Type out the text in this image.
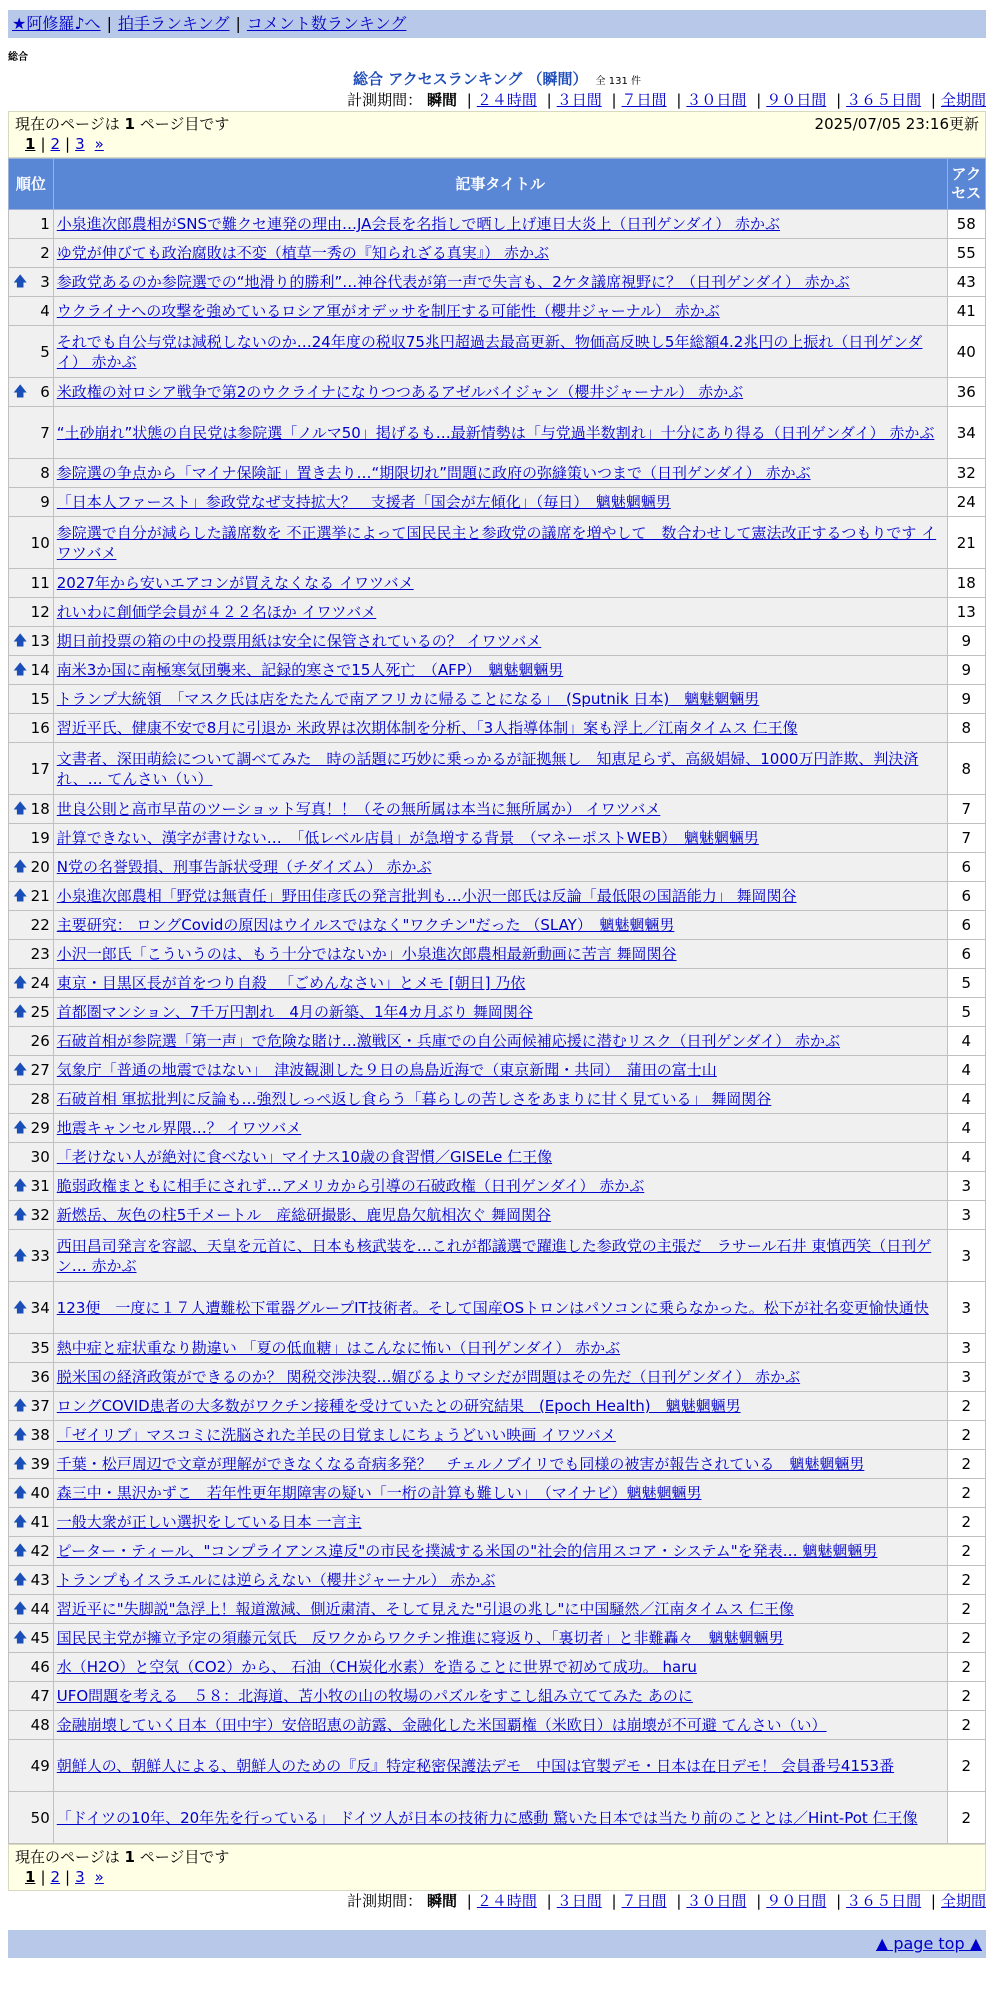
★阿修羅♪へ | 拍手ランキング | コメント数ランキング
総合
総合 アクセスランキング （瞬間） 全 131 件
計測期間： 瞬間 | ２４時間 | ３日間 | ７日間 | ３０日間 | ９０日間 | ３６５日間 | 全期間
現在のページは 1 ページ目です	2025/07/05 23:16更新
1 | 2 | 3 »
順位	記事タイトル	アクセス
1	小泉進次郎農相がSNSで難クセ連発の理由…JA会長を名指しで晒し上げ連日大炎上（日刊ゲンダイ） 赤かぶ	58
2	ゆ党が伸びても政治腐敗は不変（植草一秀の『知られざる真実』） 赤かぶ	55

🡅 3	参政党あるのか参院選での“地滑り的勝利”…神谷代表が第一声で失言も、2ケタ議席視野に？（日刊ゲンダイ） 赤かぶ	43
4	ウクライナへの攻撃を強めているロシア軍がオデッサを制圧する可能性（櫻井ジャーナル） 赤かぶ	41
5	それでも自公与党は減税しないのか…24年度の税収75兆円超過去最高更新、物価高反映し5年総額4.2兆円の上振れ（日刊ゲンダイ） 赤かぶ	40

🡅 6	米政権の対ロシア戦争で第2のウクライナになりつつあるアゼルバイジャン（櫻井ジャーナル） 赤かぶ	36
7	“土砂崩れ”状態の自民党は参院選「ノルマ50」掲げるも…最新情勢は「与党過半数割れ」十分にあり得る（日刊ゲンダイ） 赤かぶ	34
8	参院選の争点から「マイナ保険証」置き去り…“期限切れ”問題に政府の弥縫策いつまで（日刊ゲンダイ） 赤かぶ	32
9	「日本人ファースト」参政党なぜ支持拡大？　支援者「国会が左傾化」（毎日）　魑魅魍魎男	24
10	参院選で自分が減らした議席数を 不正選挙によって国民民主と参政党の議席を増やして　数合わせして憲法改正するつもりです イワツバメ	21
11	2027年から安いエアコンが買えなくなる イワツバメ	18
12	れいわに創価学会員が４２２名ほか イワツバメ	13

🡅 13	期日前投票の箱の中の投票用紙は安全に保管されているの？ イワツバメ	9

🡅 14	南米3か国に南極寒気団襲来、記録的寒さで15人死亡　（AFP）　魑魅魍魎男	9
15	トランプ大統領　「マスク氏は店をたたんで南アフリカに帰ることになる」　(Sputnik 日本)　魑魅魍魎男	9
16	習近平氏、健康不安で8月に引退か 米政界は次期体制を分析、「3人指導体制」案も浮上／江南タイムス 仁王像	8
17	文書者、深田萌絵について調べてみた　時の話題に巧妙に乗っかるが証拠無し　知恵足らず、高級娼婦、1000万円詐欺、判決済れ、… てんさい（い）	8

🡅 18	世良公則と高市早苗のツーショット写真！！（その無所属は本当に無所属か） イワツバメ	7
19	計算できない、漢字が書けない…　「低レベル店員」が急増する背景　（マネーポストWEB）　魑魅魍魎男	7

🡅 20	N党の名誉毀損、刑事告訴状受理（チダイズム） 赤かぶ	6

🡅 21	小泉進次郎農相「野党は無責任」野田佳彦氏の発言批判も…小沢一郎氏は反論「最低限の国語能力」 舞岡関谷	6
22	主要研究： ロングCovidの原因はウイルスではなく"ワクチン"だった （SLAY）　魑魅魍魎男	6
23	小沢一郎氏「こういうのは、もう十分ではないか」小泉進次郎農相最新動画に苦言 舞岡関谷	6

🡅 24	東京・目黒区長が首をつり自殺 　「ごめんなさい」とメモ [朝日] 乃依	5

🡅 25	首都圏マンション、7千万円割れ　4月の新築、1年4カ月ぶり 舞岡関谷	5
26	石破首相が参院選「第一声」で危険な賭け…激戦区・兵庫での自公両候補応援に潜むリスク（日刊ゲンダイ） 赤かぶ	4

🡅 27	気象庁「普通の地震ではない」　津波観測した９日の鳥島近海で（東京新聞・共同）　蒲田の富士山	4
28	石破首相 軍拡批判に反論も…強烈しっぺ返し食らう「暮らしの苦しさをあまりに甘く見ている」 舞岡関谷	4

🡅 29	地震キャンセル界隈…？ イワツバメ	4
30	「老けない人が絶対に食べない」マイナス10歳の食習慣／GISELe 仁王像	4

🡅 31	脆弱政権まともに相手にされず…アメリカから引導の石破政権（日刊ゲンダイ） 赤かぶ	3

🡅 32	新燃岳、灰色の柱5千メートル　産総研撮影、鹿児島欠航相次ぐ 舞岡関谷	3

🡅 33	西田昌司発言を容認、天皇を元首に、日本も核武装を…これが都議選で躍進した参政党の主張だ　ラサール石井 東慎西笑（日刊ゲン… 赤かぶ	3

🡅 34	123便　一度に１７人遭難松下電器グループIT技術者。そして国産OSトロンはパソコンに乗らなかった。松下が社名変更愉快通快	3
35	熱中症と症状重なり勘違い 「夏の低血糖」はこんなに怖い（日刊ゲンダイ） 赤かぶ	3
36	脱米国の経済政策ができるのか？ 関税交渉決裂…媚びるよりマシだが問題はその先だ（日刊ゲンダイ） 赤かぶ	3

🡅 37	ロングCOVID患者の大多数がワクチン接種を受けていたとの研究結果　(Epoch Health)　魑魅魍魎男	2

🡅 38	「ゼイリブ」マスコミに洗脳された羊民の目覚ましにちょうどいい映画 イワツバメ	2

🡅 39	千葉・松戸周辺で文章が理解ができなくなる奇病多発？　チェルノブイリでも同様の被害が報告されている　魑魅魍魎男	2

🡅 40	森三中・黒沢かずこ　若年性更年期障害の疑い「一桁の計算も難しい」　（マイナビ）魑魅魍魎男	2

🡅 41	一般大衆が正しい選択をしている日本 一言主	2

🡅 42	ピーター・ティール、"コンプライアンス違反"の市民を撲滅する米国の"社会的信用スコア・システム"を発表… 魑魅魍魎男	2

🡅 43	トランプもイスラエルには逆らえない（櫻井ジャーナル） 赤かぶ	2

🡅 44	習近平に"失脚説"急浮上！報道激減、側近粛清、そして見えた"引退の兆し"に中国騒然／江南タイムス 仁王像	2

🡅 45	国民民主党が擁立予定の須藤元気氏　反ワクからワクチン推進に寝返り、「裏切者」と非難轟々　魑魅魍魎男	2
46	水（H2O）と空気（CO2）から、 石油（CH炭化水素）を造ることに世界で初めて成功。 haru	2
47	UFO問題を考える　５８：北海道、苫小牧の山の牧場のパズルをすこし組み立ててみた あのに	2
48	金融崩壊していく日本（田中宇）安倍昭恵の訪露、金融化した米国覇権（米欧日）は崩壊が不可避 てんさい（い）	2
49	朝鮮人の、朝鮮人による、朝鮮人のための『反』特定秘密保護法デモ　中国は官製デモ・日本は在日デモ！ 会員番号4153番	2
50	「ドイツの10年、20年先を行っている」 ドイツ人が日本の技術力に感動 驚いた日本では当たり前のこととは／Hint-Pot 仁王像	2
現在のページは 1 ページ目です
1 | 2 | 3 »
計測期間： 瞬間 | ２４時間 | ３日間 | ７日間 | ３０日間 | ９０日間 | ３６５日間 | 全期間
▲ page top ▲
